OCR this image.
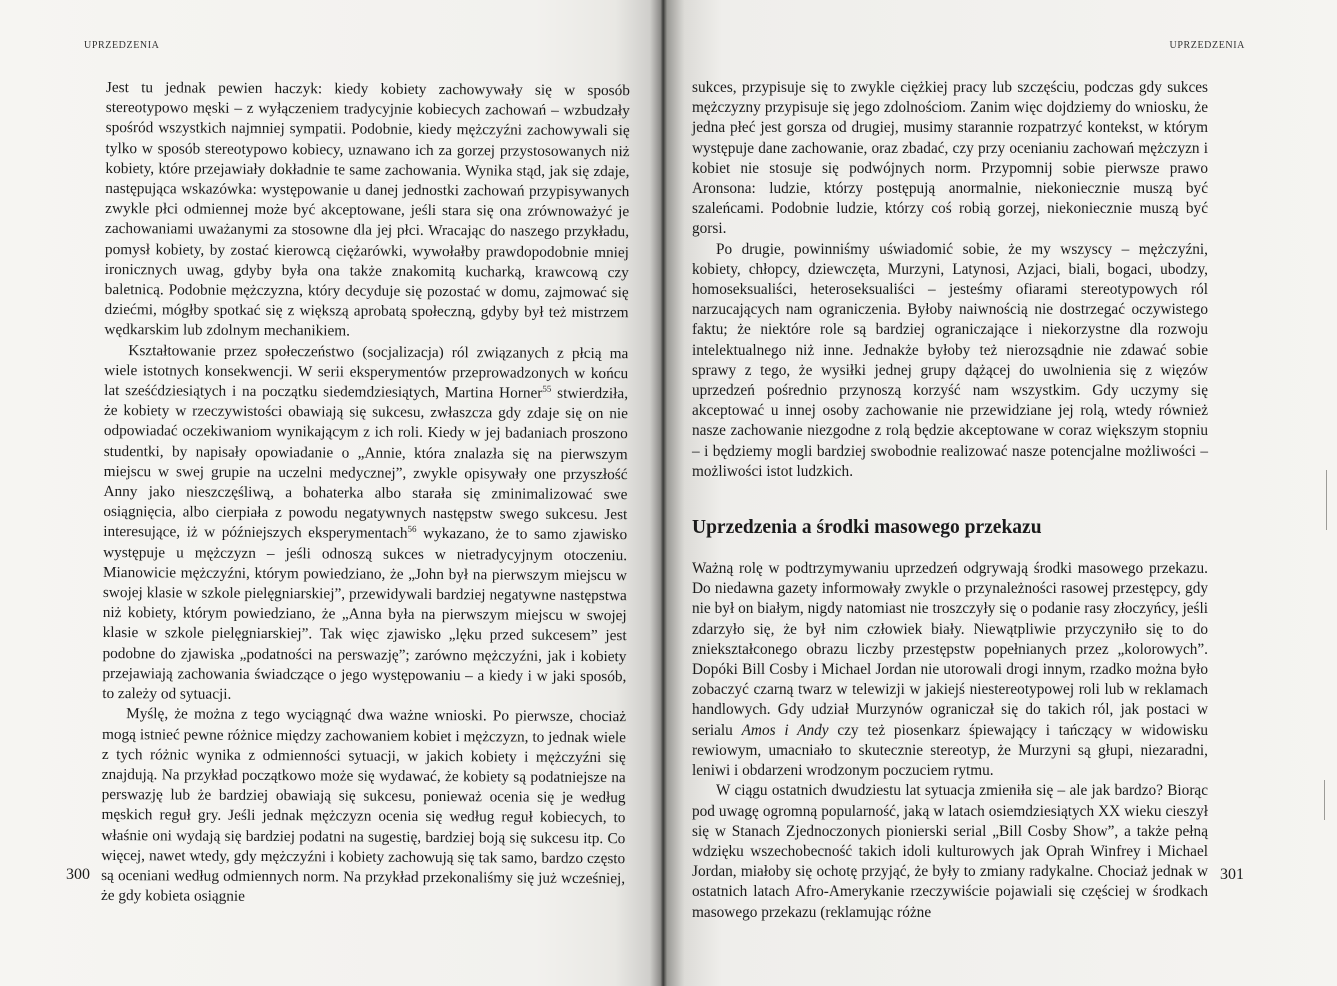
UPRZEDZENIA

Jest tu jednak pewien haczyk: kiedy kobiety zachowywały się w sposób stereotypowo męski – z wyłączeniem tradycyjnie kobiecych zachowań – wzbudzały spośród wszystkich najmniej sympatii. Podobnie, kiedy mężczyźni zachowywali się tylko w sposób stereotypowo kobiecy, uznawano ich za gorzej przystosowanych niż kobiety, które przejawiały dokładnie te same zachowania. Wynika stąd, jak się zdaje, następująca wskazówka: występowanie u danej jednostki zachowań przypisywanych zwykle płci odmiennej może być akceptowane, jeśli stara się ona zrównoważyć je zachowaniami uważanymi za stosowne dla jej płci. Wracając do naszego przykładu, pomysł kobiety, by zostać kierowcą ciężarówki, wywołałby prawdopodobnie mniej ironicznych uwag, gdyby była ona także znakomitą kucharką, krawcową czy baletnicą. Podobnie mężczyzna, który decyduje się pozostać w domu, zajmować się dziećmi, mógłby spotkać się z większą aprobatą społeczną, gdyby był też mistrzem wędkarskim lub zdolnym mechanikiem.

Kształtowanie przez społeczeństwo (socjalizacja) ról związanych z płcią ma wiele istotnych konsekwencji. W serii eksperymentów przeprowadzonych w końcu lat sześćdziesiątych i na początku siedemdziesiątych, Martina Horner$^{55}$ stwierdziła, że kobiety w rzeczywistości obawiają się sukcesu, zwłaszcza gdy zdaje się on nie odpowiadać oczekiwaniom wynikającym z ich roli. Kiedy w jej badaniach proszono studentki, by napisały opowiadanie o „Annie, która znalazła się na pierwszym miejscu w swej grupie na uczelni medycznej”, zwykle opisywały one przyszłość Anny jako nieszczęśliwą, a bohaterka albo starała się zminimalizować swe osiągnięcia, albo cierpiała z powodu negatywnych następstw swego sukcesu. Jest interesujące, iż w późniejszych eksperymentach$^{56}$ wykazano, że to samo zjawisko występuje u mężczyzn – jeśli odnoszą sukces w nietradycyjnym otoczeniu. Mianowicie mężczyźni, którym powiedziano, że „John był na pierwszym miejscu w swojej klasie w szkole pielęgniarskiej”, przewidywali bardziej negatywne następstwa niż kobiety, którym powiedziano, że „Anna była na pierwszym miejscu w swojej klasie w szkole pielęgniarskiej”. Tak więc zjawisko „lęku przed sukcesem” jest podobne do zjawiska „podatności na perswazję”; zarówno mężczyźni, jak i kobiety przejawiają zachowania świadczące o jego występowaniu – a kiedy i w jaki sposób, to zależy od sytuacji.

Myślę, że można z tego wyciągnąć dwa ważne wnioski. Po pierwsze, chociaż mogą istnieć pewne różnice między zachowaniem kobiet i mężczyzn, to jednak wiele z tych różnic wynika z odmienności sytuacji, w jakich kobiety i mężczyźni się znajdują. Na przykład początkowo może się wydawać, że kobiety są podatniejsze na perswazję lub że bardziej obawiają się sukcesu, ponieważ ocenia się je według męskich reguł gry. Jeśli jednak mężczyzn ocenia się według reguł kobiecych, to właśnie oni wydają się bardziej podatni na sugestię, bardziej boją się sukcesu itp. Co więcej, nawet wtedy, gdy mężczyźni i kobiety zachowują się tak samo, bardzo często są oceniani według odmiennych norm. Na przykład przekonaliśmy się już wcześniej, że gdy kobieta osiągnie

300
UPRZEDZENIA

sukces, przypisuje się to zwykle ciężkiej pracy lub szczęściu, podczas gdy sukces mężczyzny przypisuje się jego zdolnościom. Zanim więc dojdziemy do wniosku, że jedna płeć jest gorsza od drugiej, musimy starannie rozpatrzyć kontekst, w którym występuje dane zachowanie, oraz zbadać, czy przy ocenianiu zachowań mężczyzn i kobiet nie stosuje się podwójnych norm. Przypomnij sobie pierwsze prawo Aronsona: ludzie, którzy postępują anormalnie, niekoniecznie muszą być szaleńcami. Podobnie ludzie, którzy coś robią gorzej, niekoniecznie muszą być gorsi.

Po drugie, powinniśmy uświadomić sobie, że my wszyscy – mężczyźni, kobiety, chłopcy, dziewczęta, Murzyni, Latynosi, Azjaci, biali, bogaci, ubodzy, homoseksualiści, heteroseksualiści – jesteśmy ofiarami stereotypowych ról narzucających nam ograniczenia. Byłoby naiwnością nie dostrzegać oczywistego faktu; że niektóre role są bardziej ograniczające i niekorzystne dla rozwoju intelektualnego niż inne. Jednakże byłoby też nierozsądnie nie zdawać sobie sprawy z tego, że wysiłki jednej grupy dążącej do uwolnienia się z więzów uprzedzeń pośrednio przynoszą korzyść nam wszystkim. Gdy uczymy się akceptować u innej osoby zachowanie nie przewidziane jej rolą, wtedy również nasze zachowanie niezgodne z rolą będzie akceptowane w coraz większym stopniu – i będziemy mogli bardziej swobodnie realizować nasze potencjalne możliwości – możliwości istot ludzkich.

Uprzedzenia a środki masowego przekazu

Ważną rolę w podtrzymywaniu uprzedzeń odgrywają środki masowego przekazu. Do niedawna gazety informowały zwykle o przynależności rasowej przestępcy, gdy nie był on białym, nigdy natomiast nie troszczyły się o podanie rasy złoczyńcy, jeśli zdarzyło się, że był nim człowiek biały. Niewątpliwie przyczyniło się to do zniekształconego obrazu liczby przestępstw popełnianych przez „kolorowych”. Dopóki Bill Cosby i Michael Jordan nie utorowali drogi innym, rzadko można było zobaczyć czarną twarz w telewizji w jakiejś niestereotypowej roli lub w reklamach handlowych. Gdy udział Murzynów ograniczał się do takich ról, jak postaci w serialu Amos i Andy czy też piosenkarz śpiewający i tańczący w widowisku rewiowym, umacniało to skutecznie stereotyp, że Murzyni są głupi, niezaradni, leniwi i obdarzeni wrodzonym poczuciem rytmu.

W ciągu ostatnich dwudziestu lat sytuacja zmieniła się – ale jak bardzo? Biorąc pod uwagę ogromną popularność, jaką w latach osiemdziesiątych XX wieku cieszył się w Stanach Zjednoczonych pionierski serial „Bill Cosby Show”, a także pełną wdzięku wszechobecność takich idoli kulturowych jak Oprah Winfrey i Michael Jordan, miałoby się ochotę przyjąć, że były to zmiany radykalne. Chociaż jednak w ostatnich latach Afro-Amerykanie rzeczywiście pojawiali się częściej w środkach masowego przekazu (reklamując różne

301
